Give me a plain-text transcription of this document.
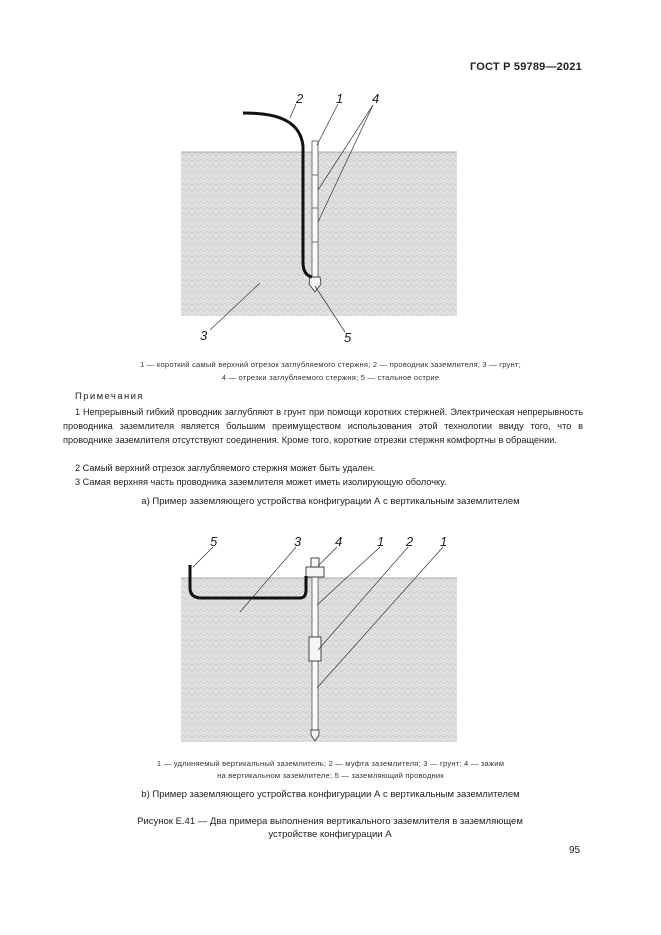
ГОСТ Р 59789—2021
2	1 4
3	5
1 — короткий самый верхний отрезок заглубляемого стержня; 2 — проводник заземлителя; 3 — грунт;
4 — отрезки заглубляемого стержня; 5 — стальное острие
Примечания
1 Непрерывный гибкий проводник заглубляют в грунт при помощи коротких стержней. Электрическая непрерывность проводника заземлителя является большим преимуществом использования этой технологии ввиду того, что в проводнике заземлителя отсутствуют соединения. Кроме того, короткие отрезки стержня комфортны в обращении.
2 Самый верхний отрезок заглубляемого стержня может быть удален.
3 Самая верхняя часть проводника заземлителя может иметь изолирующую оболочку.
а) Пример заземляющего устройства конфигурации А с вертикальным заземлителем
5	3	4	1 2 1
1 — удлиняемый вертикальный заземлитель; 2 — муфта заземлителя; 3 — грунт; 4 — зажим
на вертикальном заземлителе; 5 — заземляющий проводник
b) Пример заземляющего устройства конфигурации А с вертикальным заземлителем
Рисунок Е.41 — Два примера выполнения вертикального заземлителя в заземляющем
устройстве конфигурации А
95
